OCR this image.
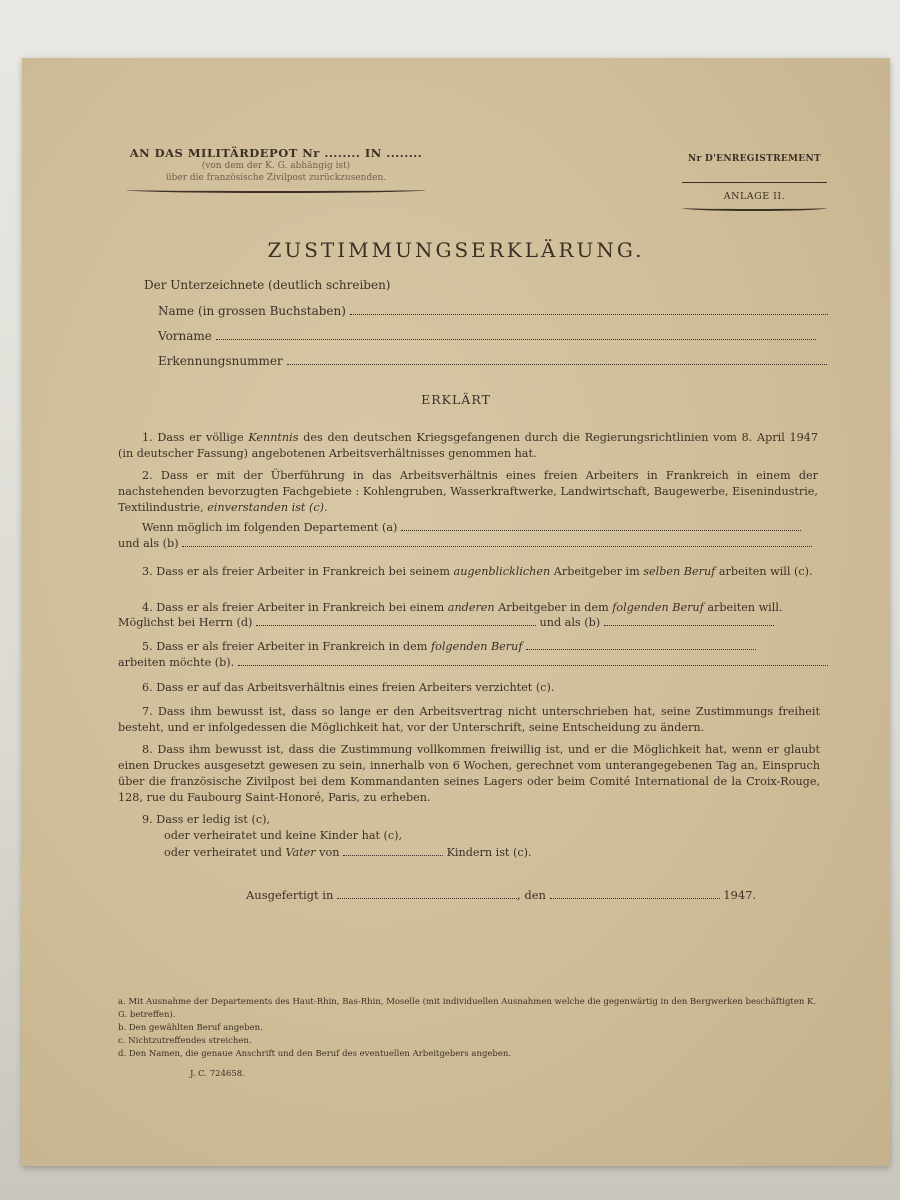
AN DAS MILITÄRDEPOT Nr ........ IN ........
(von dem der K. G. abhängig ist)
über die französische Zivilpost zurückzusenden.
Nr D'ENREGISTREMENT
ANLAGE II.
ZUSTIMMUNGSERKLÄRUNG.
Der Unterzeichnete (deutlich schreiben)
Name (in grossen Buchstaben)
Vorname
Erkennungsnummer
ERKLÄRT
1. Dass er völlige Kenntnis des den deutschen Kriegsgefangenen durch die Regierungsrichtlinien vom 8. April 1947 (in deutscher Fassung) angebotenen Arbeitsverhältnisses genommen hat.
2. Dass er mit der Überführung in das Arbeitsverhältnis eines freien Arbeiters in Frankreich in einem der nachstehenden bevorzugten Fachgebiete : Kohlengruben, Wasserkraftwerke, Landwirtschaft, Baugewerbe, Eisenindustrie, Textilindustrie, einverstanden ist (c).
Wenn möglich im folgenden Departement (a)
und als (b)
3. Dass er als freier Arbeiter in Frankreich bei seinem augenblicklichen Arbeitgeber im selben Beruf arbeiten will (c).
4. Dass er als freier Arbeiter in Frankreich bei einem anderen Arbeitgeber in dem folgenden Beruf arbeiten will.
Möglichst bei Herrn (d)	und als (b)
5. Dass er als freier Arbeiter in Frankreich in dem folgenden Beruf
arbeiten möchte (b).
6. Dass er auf das Arbeitsverhältnis eines freien Arbeiters verzichtet (c).
7. Dass ihm bewusst ist, dass so lange er den Arbeitsvertrag nicht unterschrieben hat, seine Zustimmungs freiheit besteht, und er infolgedessen die Möglichkeit hat, vor der Unterschrift, seine Entscheidung zu ändern.
8. Dass ihm bewusst ist, dass die Zustimmung vollkommen freiwillig ist, und er die Möglichkeit hat, wenn er glaubt einen Druckes ausgesetzt gewesen zu sein, innerhalb von 6 Wochen, gerechnet vom unterangegebenen Tag an, Einspruch über die französische Zivilpost bei dem Kommandanten seines Lagers oder beim Comité International de la Croix-Rouge, 128, rue du Faubourg Saint-Honoré, Paris, zu erheben.
9. Dass er ledig ist (c),
oder verheiratet und keine Kinder hat (c),
oder verheiratet und Vater von	Kindern ist (c).
Ausgefertigt in	, den	1947.
a. Mit Ausnahme der Departements des Haut-Rhin, Bas-Rhin, Moselle (mit individuellen Ausnahmen welche die gegenwärtig in den Bergwerken beschäftigten K. G. betreffen).
b. Den gewählten Beruf angeben.
c. Nichtzutreffendes streichen.
d. Den Namen, die genaue Anschrift und den Beruf des eventuellen Arbeitgebers angeben.
J. C. 724658.
